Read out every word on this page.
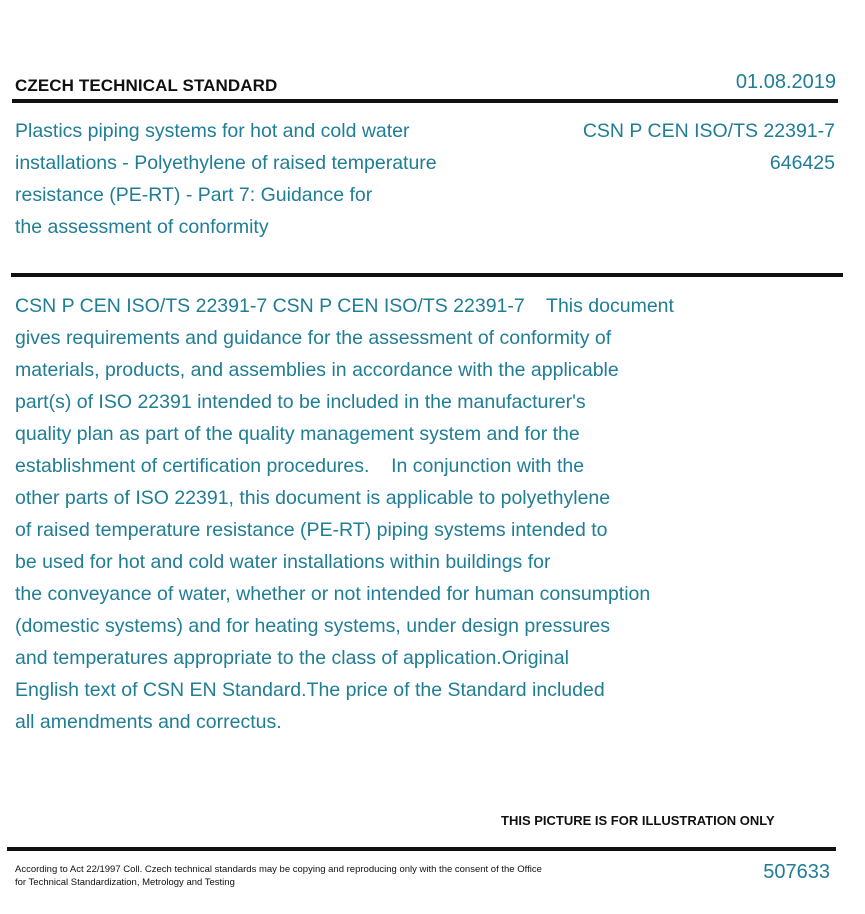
CZECH TECHNICAL STANDARD	01.08.2019
Plastics piping systems for hot and cold water
installations - Polyethylene of raised temperature
resistance (PE-RT) - Part 7: Guidance for
the assessment of conformity
CSN P CEN ISO/TS 22391-7
646425
CSN P CEN ISO/TS 22391-7 CSN P CEN ISO/TS 22391-7    This document
gives requirements and guidance for the assessment of conformity of
materials, products, and assemblies in accordance with the applicable
part(s) of ISO 22391 intended to be included in the manufacturer's
quality plan as part of the quality management system and for the
establishment of certification procedures.    In conjunction with the
other parts of ISO 22391, this document is applicable to polyethylene
of raised temperature resistance (PE-RT) piping systems intended to
be used for hot and cold water installations within buildings for
the conveyance of water, whether or not intended for human consumption
(domestic systems) and for heating systems, under design pressures
and temperatures appropriate to the class of application.Original
English text of CSN EN Standard.The price of the Standard included
all amendments and correctus.
THIS PICTURE IS FOR ILLUSTRATION ONLY
According to Act 22/1997 Coll. Czech technical standards may be copying and reproducing only with the consent of the Office
for Technical Standardization, Metrology and Testing	507633
